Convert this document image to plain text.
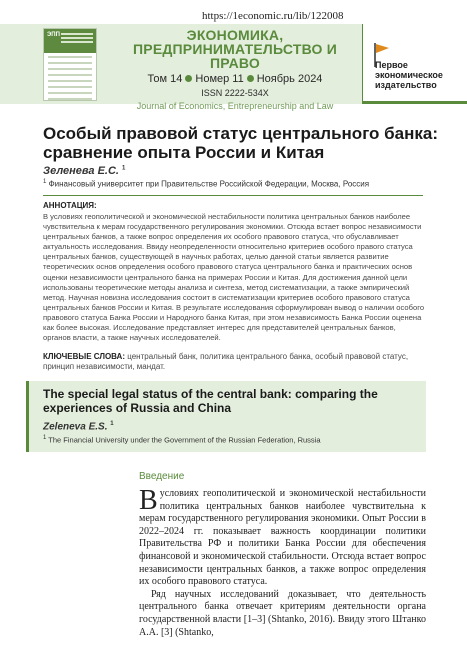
https://1economic.ru/lib/122008
ЭПП	ЭКОНОМИКА,
ПРЕДПРИНИМАТЕЛЬСТВО И ПРАВО
Том 14 Номер 11 Ноябрь 2024
ISSN 2222-534X
Journal of Economics, Entrepreneurship and Law
Первое
экономическое
издательство
Особый правовой статус центрального банка: сравнение опыта России и Китая
Зеленева Е.С. $^1$
$^1$ Финансовый университет при Правительстве Российской Федерации, Москва, Россия
АННОТАЦИЯ:
В условиях геополитической и экономической нестабильности политика центральных банков наиболее чувствительна к мерам государственного регулирования экономики. Отсюда встает вопрос независимости центральных банков, а также вопрос определения их особого правового статуса, что обуславливает актуальность исследования. Ввиду неопределенности относительно критериев особого правого статуса центральных банков, существующей в научных работах, целью данной статьи является развитие теоретических основ определения особого правового статуса центрального банка и практических основ оценки независимости центрального банка на примерах России и Китая. Для достижения данной цели использованы теоретические методы анализа и синтеза, метод систематизации, а также эмпирический метод. Научная новизна исследования состоит в систематизации критериев особого правового статуса центральных банков России и Китая. В результате исследования сформулирован вывод о наличии особого правового статуса Банка России и Народного банка Китая, при этом независимость Банка России оценена как более высокая. Исследование представляет интерес для представителей центральных банков, органов власти, а также научных исследователей.
КЛЮЧЕВЫЕ СЛОВА: центральный банк, политика центрального банка, особый правовой статус, принцип независимости, мандат.
The special legal status of the central bank: comparing the experiences of Russia and China
Zeleneva E.S. $^1$
$^1$ The Financial University under the Government of the Russian Federation, Russia
Введение

Вусловиях геополитической и экономической нестабильности политика центральных банков наиболее чувствительна к мерам государственного регулирования экономики. Опыт России в 2022–2024 гг. показывает важность координации политики Правительства РФ и политики Банка России для обеспечения финансовой и экономической стабильности. Отсюда встает вопрос независимости центральных банков, а также вопрос определения их особого правового статуса.

Ряд научных исследований доказывает, что деятельность центрального банка отвечает критериям деятельности органа государственной власти [1–3] (Shtanko, 2016). Ввиду этого Штанко А.А. [3] (Shtanko,
